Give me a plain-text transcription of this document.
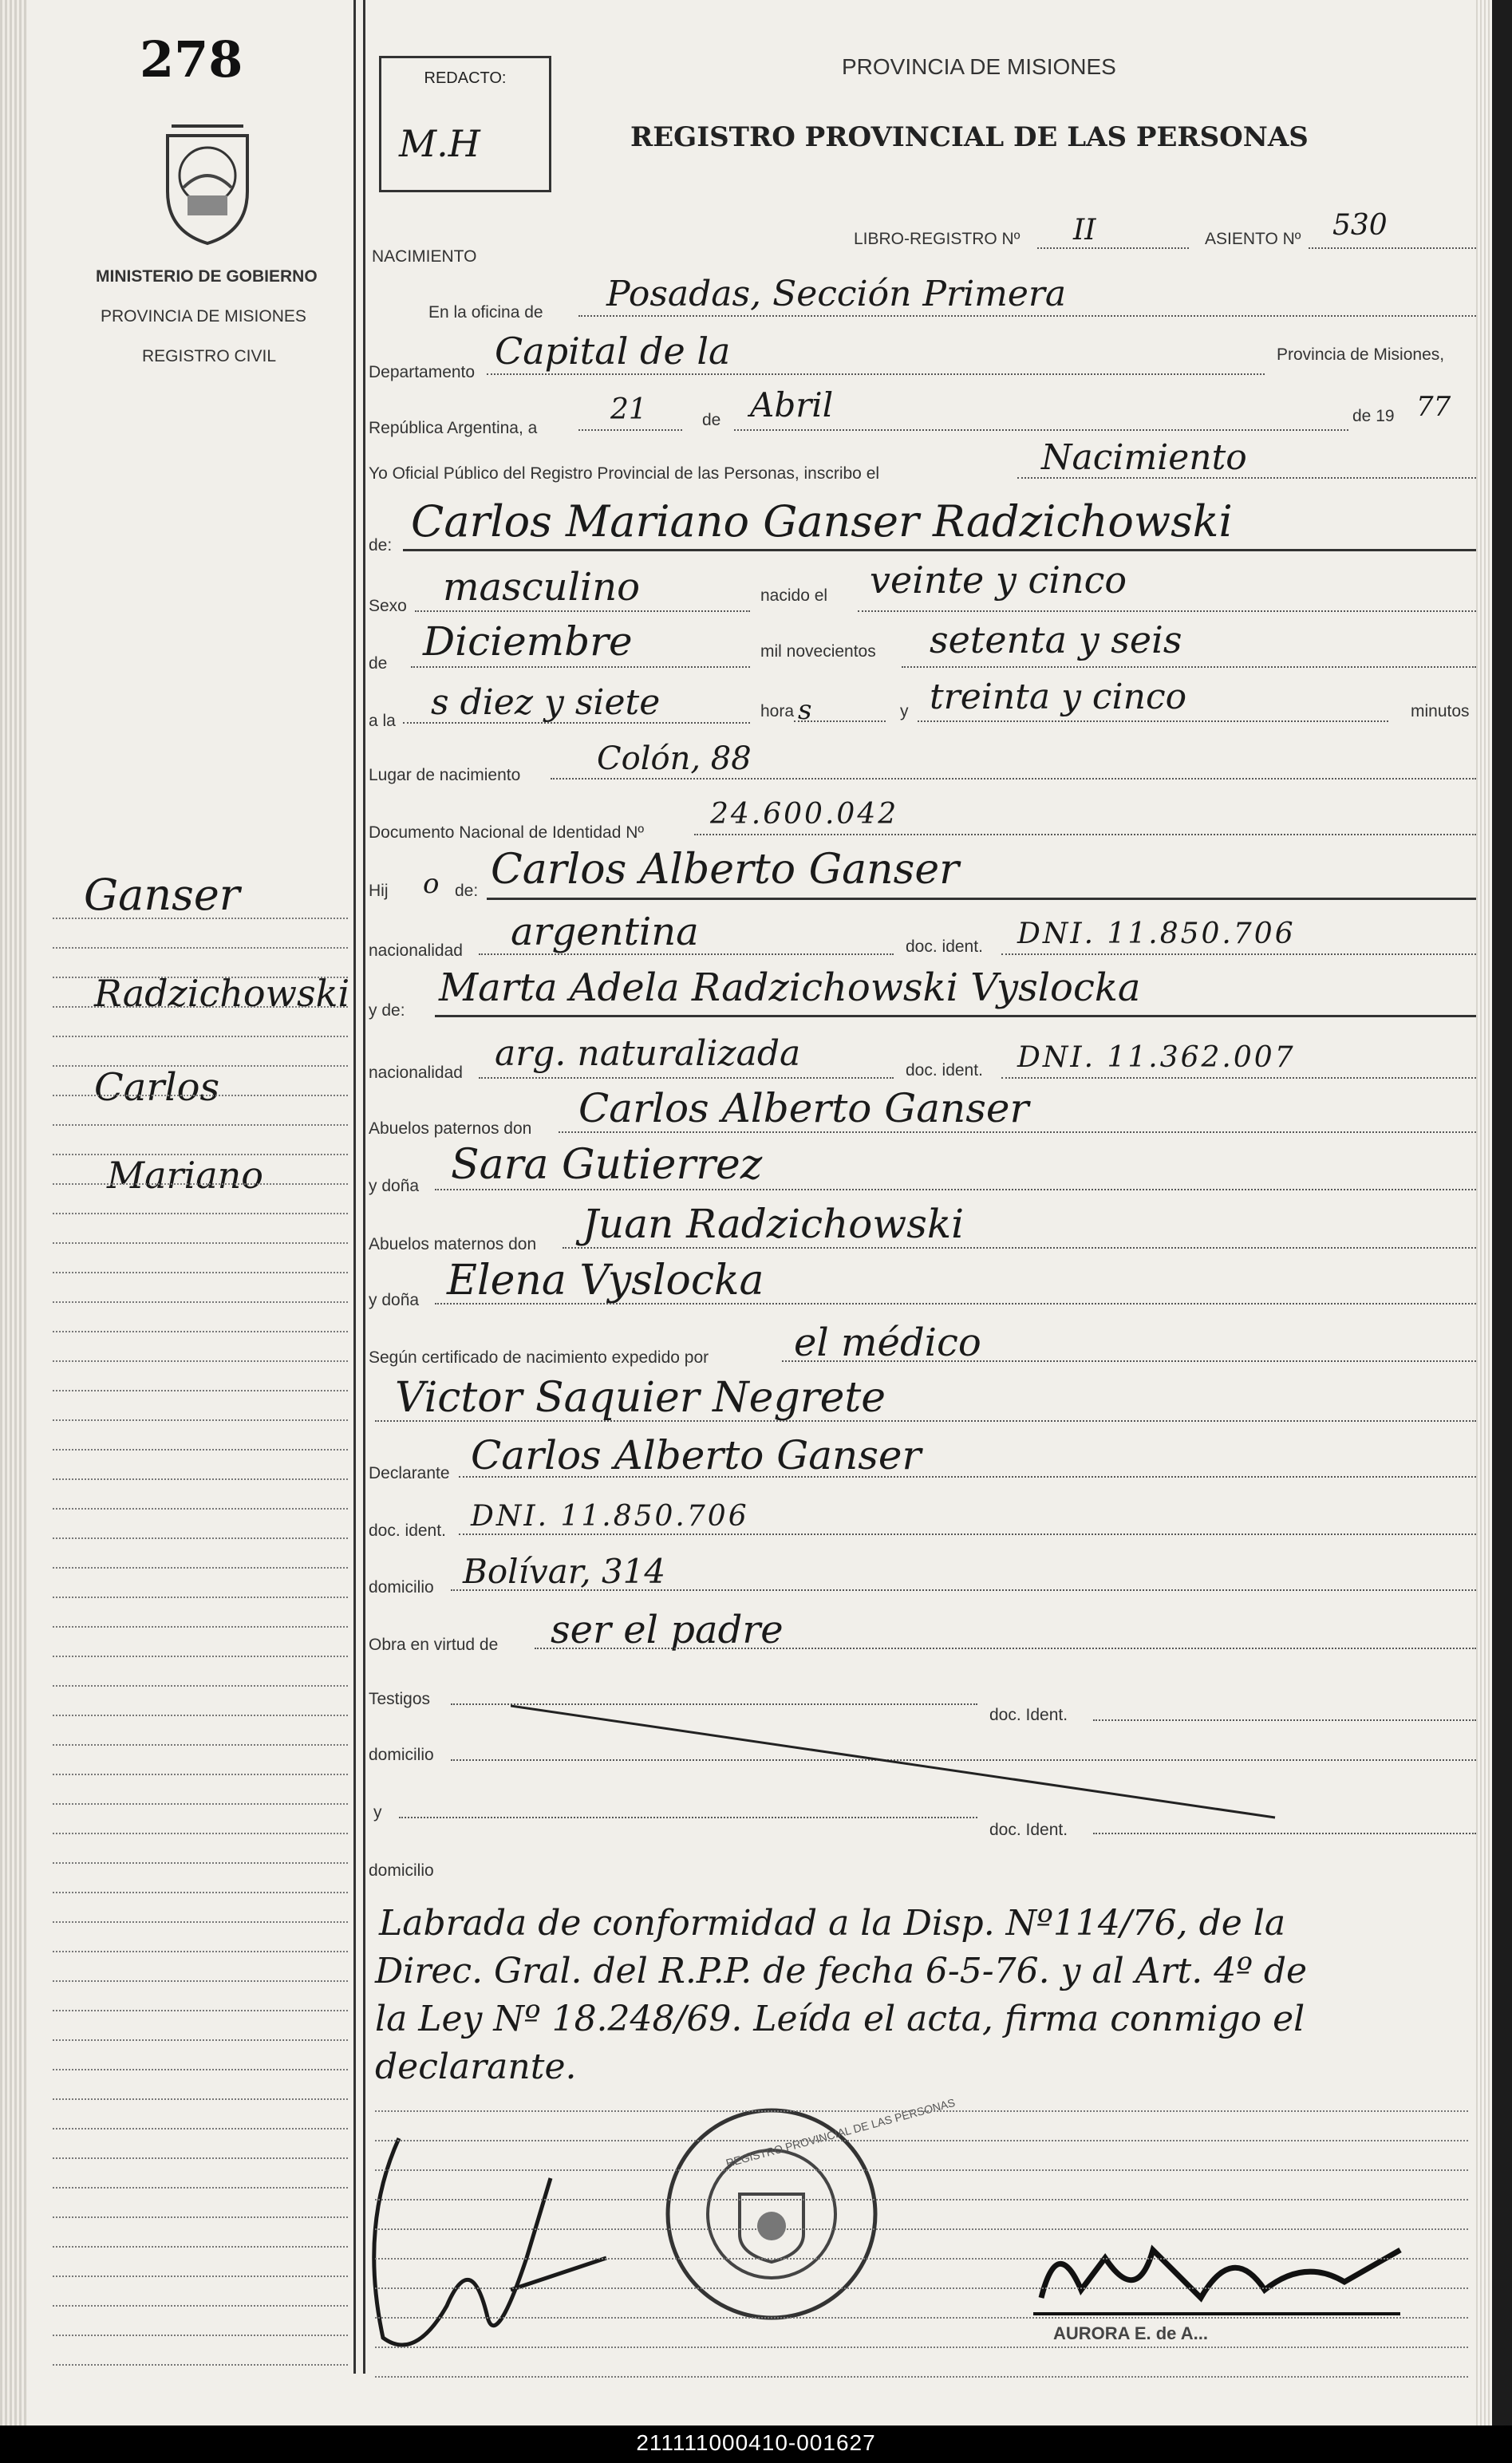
278
MINISTERIO DE GOBIERNO
PROVINCIA DE MISIONES
REGISTRO CIVIL
REDACTO:
M.H
PROVINCIA DE MISIONES
REGISTRO PROVINCIAL DE LAS PERSONAS
NACIMIENTO
LIBRO-REGISTRO Nº II	ASIENTO Nº 530
Ganser
Radzichowski
Carlos
Mariano
En la oficina de Posadas, Sección Primera
Departamento Capital de la	Provincia de Misiones,
República Argentina, a
21	de Abril	de 19 77
Yo Oficial Público del Registro Provincial de las Personas, inscribo el	Nacimiento
de: Carlos Mariano Ganser Radzichowski
Sexo masculino	nacido el veinte y cinco
de Diciembre	mil novecientos setenta y seis
a la s diez y siete	hora s	y treinta y cinco	minutos
Lugar de nacimiento Colón, 88
Documento Nacional de Identidad Nº
24.600.042
Hij o de: Carlos Alberto Ganser
nacionalidad argentina	doc. ident. DNI. 11.850.706
y de:
Marta Adela Radzichowski Vyslocka
nacionalidad arg. naturalizada	doc. ident. DNI. 11.362.007
Abuelos paternos don Carlos Alberto Ganser
y doña Sara Gutierrez
Abuelos maternos don Juan Radzichowski
y doña Elena Vyslocka
Según certificado de nacimiento expedido por el médico
Victor Saquier Negrete
Declarante Carlos Alberto Ganser
doc. ident. DNI. 11.850.706
domicilio Bolívar, 314
Obra en virtud de ser el padre
Testigos
doc. Ident.
domicilio
y
doc. Ident.
domicilio
Labrada de conformidad a la Disp. Nº114/76, de la
Direc. Gral. del R.P.P. de fecha 6-5-76. y al Art. 4º de
la Ley Nº 18.248/69. Leída el acta, firma conmigo el
declarante.
REGISTRO PROVINCIAL DE LAS PERSONAS
AURORA E. de A...
211111000410-001627
